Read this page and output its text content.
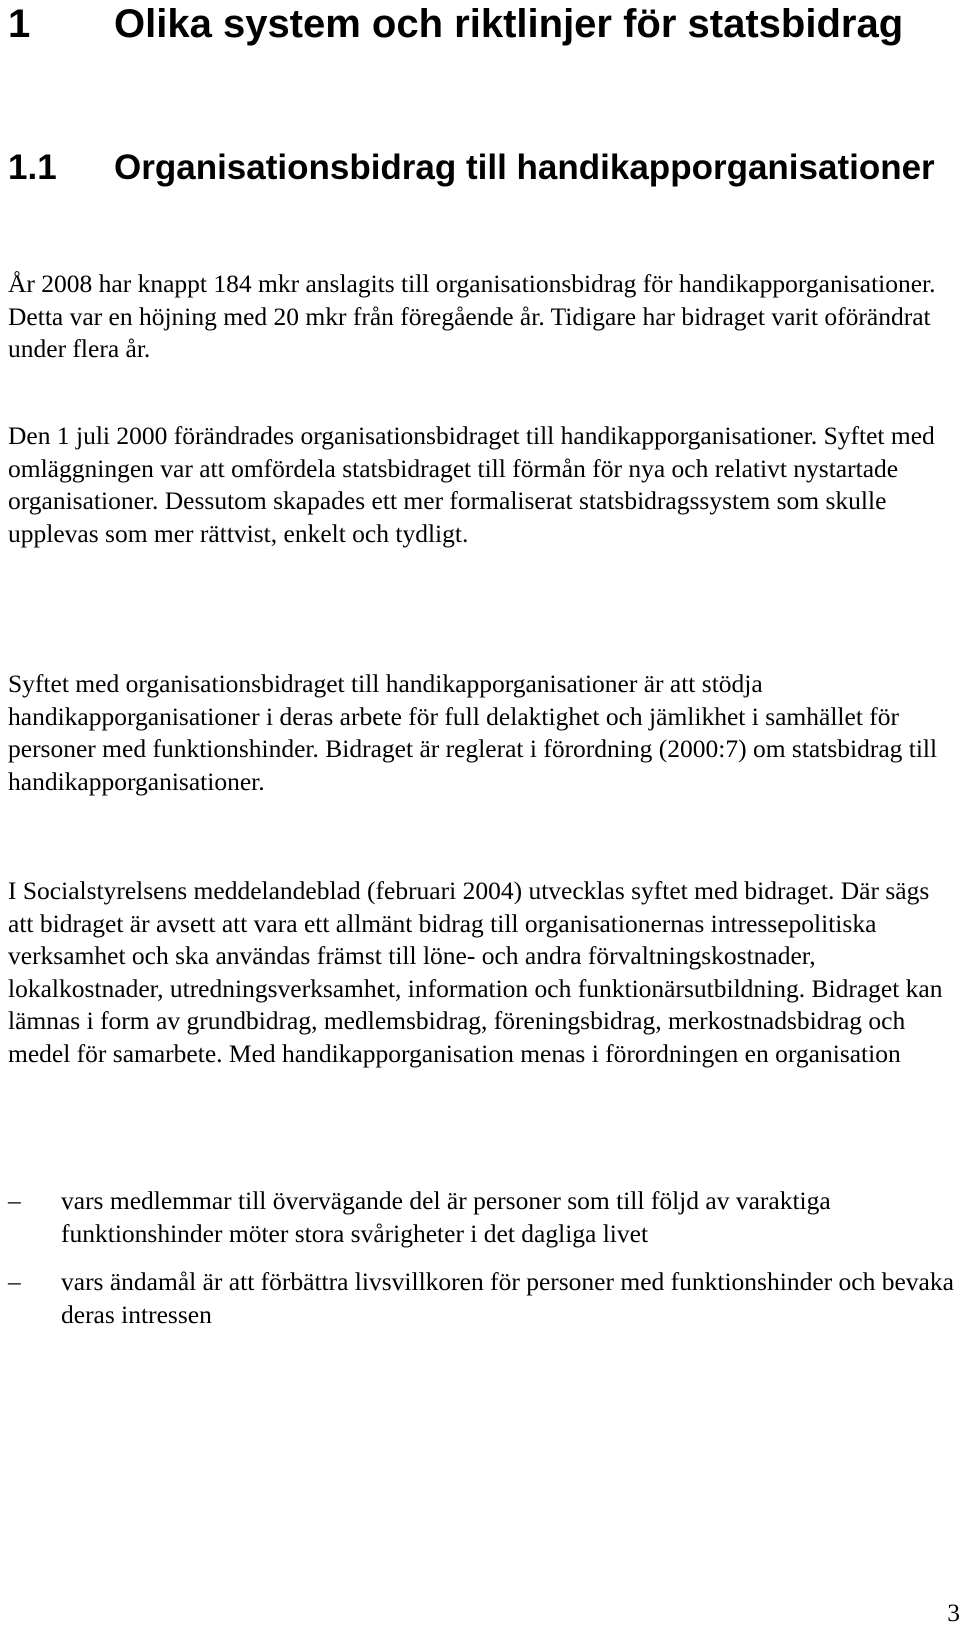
1	Olika system och riktlinjer för statsbidrag
1.1	Organisationsbidrag till handikapporganisationer

År 2008 har knappt 184 mkr anslagits till organisationsbidrag för handikapporganisationer. Detta var en höjning med 20 mkr från föregående år. Tidigare har bidraget varit oförändrat under flera år.

Den 1 juli 2000 förändrades organisationsbidraget till handikapporganisationer. Syftet med omläggningen var att omfördela statsbidraget till förmån för nya och relativt nystartade organisationer. Dessutom skapades ett mer formaliserat statsbidragssystem som skulle upplevas som mer rättvist, enkelt och tydligt.

Syftet med organisationsbidraget till handikapporganisationer är att stödja handikapporganisationer i deras arbete för full delaktighet och jämlikhet i samhället för personer med funktionshinder. Bidraget är reglerat i förordning (2000:7) om statsbidrag till handikapporganisationer.

I Socialstyrelsens meddelandeblad (februari 2004) utvecklas syftet med bidraget. Där sägs att bidraget är avsett att vara ett allmänt bidrag till organisationernas intressepolitiska verksamhet och ska användas främst till löne- och andra förvaltningskostnader, lokalkostnader, utredningsverksamhet, information och funktionärsutbildning. Bidraget kan lämnas i form av grundbidrag, medlemsbidrag, föreningsbidrag, merkostnadsbidrag och medel för samarbete. Med handikapporganisation menas i förordningen en organisation

– vars medlemmar till övervägande del är personer som till följd av varaktiga funktionshinder möter stora svårigheter i det dagliga livet
– vars ändamål är att förbättra livsvillkoren för personer med funktionshinder och bevaka deras intressen
3
